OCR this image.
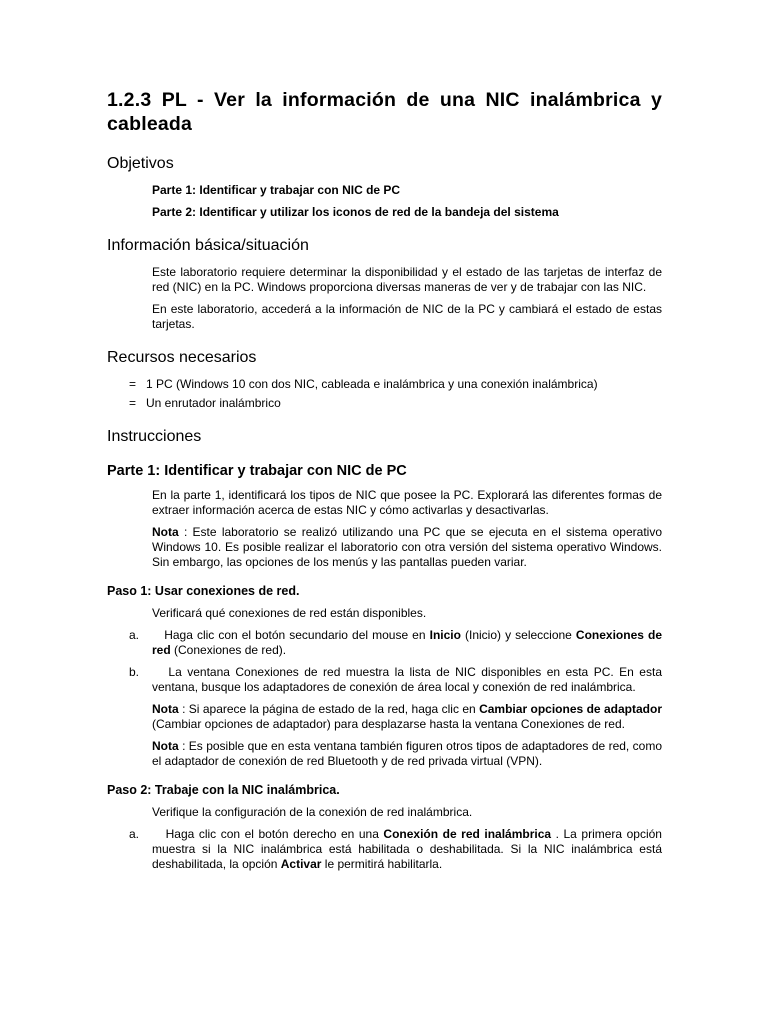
1.2.3 PL - Ver la información de una NIC inalámbrica y cableada
Objetivos

Parte 1: Identificar y trabajar con NIC de PC

Parte 2: Identificar y utilizar los iconos de red de la bandeja del sistema

Información básica/situación

Este laboratorio requiere determinar la disponibilidad y el estado de las tarjetas de interfaz de red (NIC) en la PC. Windows proporciona diversas maneras de ver y de trabajar con las NIC.

En este laboratorio, accederá a la información de NIC de la PC y cambiará el estado de estas tarjetas.

Recursos necesarios
= 1 PC (Windows 10 con dos NIC, cableada e inalámbrica y una conexión inalámbrica)
= Un enrutador inalámbrico
Instrucciones
Parte 1: Identificar y trabajar con NIC de PC

En la parte 1, identificará los tipos de NIC que posee la PC. Explorará las diferentes formas de extraer información acerca de estas NIC y cómo activarlas y desactivarlas.

Nota : Este laboratorio se realizó utilizando una PC que se ejecuta en el sistema operativo Windows 10. Es posible realizar el laboratorio con otra versión del sistema operativo Windows. Sin embargo, las opciones de los menús y las pantallas pueden variar.

Paso 1: Usar conexiones de red.

Verificará qué conexiones de red están disponibles.

a.	Haga clic con el botón secundario del mouse en Inicio (Inicio) y seleccione Conexiones de red (Conexiones de red).

b.	La ventana Conexiones de red muestra la lista de NIC disponibles en esta PC. En esta ventana, busque los adaptadores de conexión de área local y conexión de red inalámbrica.

Nota : Si aparece la página de estado de la red, haga clic en Cambiar opciones de adaptador (Cambiar opciones de adaptador) para desplazarse hasta la ventana Conexiones de red.

Nota : Es posible que en esta ventana también figuren otros tipos de adaptadores de red, como el adaptador de conexión de red Bluetooth y de red privada virtual (VPN).

Paso 2: Trabaje con la NIC inalámbrica.

Verifique la configuración de la conexión de red inalámbrica.

a.	Haga clic con el botón derecho en una Conexión de red inalámbrica . La primera opción muestra si la NIC inalámbrica está habilitada o deshabilitada. Si la NIC inalámbrica está deshabilitada, la opción Activar le permitirá habilitarla.
